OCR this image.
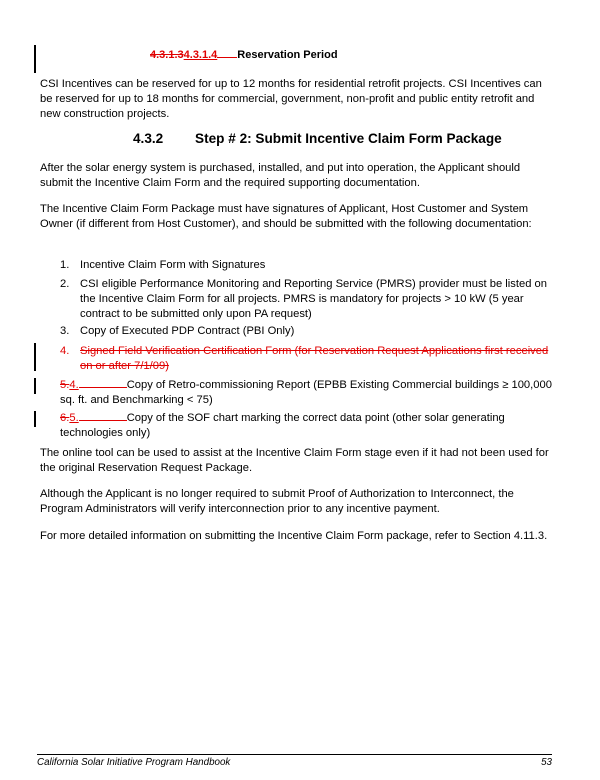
4.3.1.34.3.1.4 Reservation Period
CSI Incentives can be reserved for up to 12 months for residential retrofit projects. CSI Incentives can be reserved for up to 18 months for commercial, government, non-profit and public entity retrofit and new construction projects.
4.3.2 Step # 2: Submit Incentive Claim Form Package
After the solar energy system is purchased, installed, and put into operation, the Applicant should submit the Incentive Claim Form and the required supporting documentation.
The Incentive Claim Form Package must have signatures of Applicant, Host Customer and System Owner (if different from Host Customer), and should be submitted with the following documentation:
1. Incentive Claim Form with Signatures
2. CSI eligible Performance Monitoring and Reporting Service (PMRS) provider must be listed on the Incentive Claim Form for all projects. PMRS is mandatory for projects > 10 kW (5 year contract to be submitted only upon PA request)
3. Copy of Executed PDP Contract (PBI Only)
4. Signed Field Verification Certification Form (for Reservation Request Applications first received on or after 7/1/09)
5.4.	Copy of Retro-commissioning Report (EPBB Existing Commercial buildings ≥ 100,000 sq. ft. and Benchmarking < 75)
6.5.	Copy of the SOF chart marking the correct data point (other solar generating technologies only)
The online tool can be used to assist at the Incentive Claim Form stage even if it had not been used for the original Reservation Request Package.
Although the Applicant is no longer required to submit Proof of Authorization to Interconnect, the Program Administrators will verify interconnection prior to any incentive payment.
For more detailed information on submitting the Incentive Claim Form package, refer to Section 4.11.3.
California Solar Initiative Program Handbook	53
